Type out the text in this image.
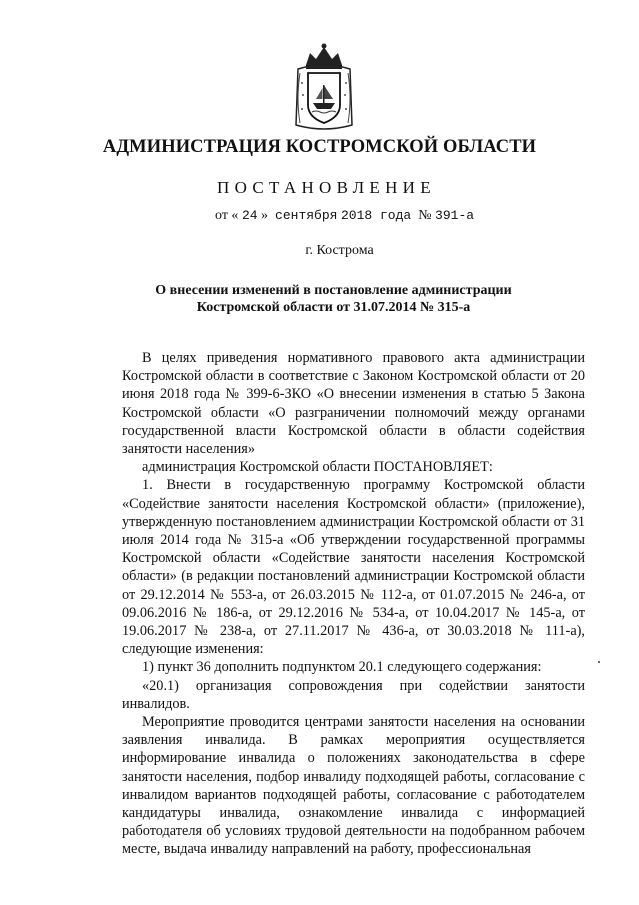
АДМИНИСТРАЦИЯ КОСТРОМСКОЙ ОБЛАСТИ
ПОСТАНОВЛЕНИЕ
от « 24 » сентября 2018 года № 391-а
г. Кострома
О внесении изменений в постановление администрации
Костромской области от 31.07.2014 № 315-а

В целях приведения нормативного правового акта администрации Костромской области в соответствие с Законом Костромской области от 20 июня 2018 года № 399-6-ЗКО «О внесении изменения в статью 5 Закона Костромской области «О разграничении полномочий между органами государственной власти Костромской области в области содействия занятости населения»

администрация Костромской области ПОСТАНОВЛЯЕТ:

1. Внести в государственную программу Костромской области «Содействие занятости населения Костромской области» (приложение), утвержденную постановлением администрации Костромской области от 31 июля 2014 года № 315-а «Об утверждении государственной программы Костромской области «Содействие занятости населения Костромской области» (в редакции постановлений администрации Костромской области от 29.12.2014 № 553-а, от 26.03.2015 № 112-а, от 01.07.2015 № 246-а, от 09.06.2016 № 186-а, от 29.12.2016 № 534-а, от 10.04.2017 № 145-а, от 19.06.2017 № 238-а, от 27.11.2017 № 436-а, от 30.03.2018 № 111-а), следующие изменения:

1) пункт 36 дополнить подпунктом 20.1 следующего содержания:

«20.1) организация сопровождения при содействии занятости инвалидов.

Мероприятие проводится центрами занятости населения на основании заявления инвалида. В рамках мероприятия осуществляется информирование инвалида о положениях законодательства в сфере занятости населения, подбор инвалиду подходящей работы, согласование с инвалидом вариантов подходящей работы, согласование с работодателем кандидатуры инвалида, ознакомление инвалида с информацией работодателя об условиях трудовой деятельности на подобранном рабочем месте, выдача инвалиду направлений на работу, профессиональная
